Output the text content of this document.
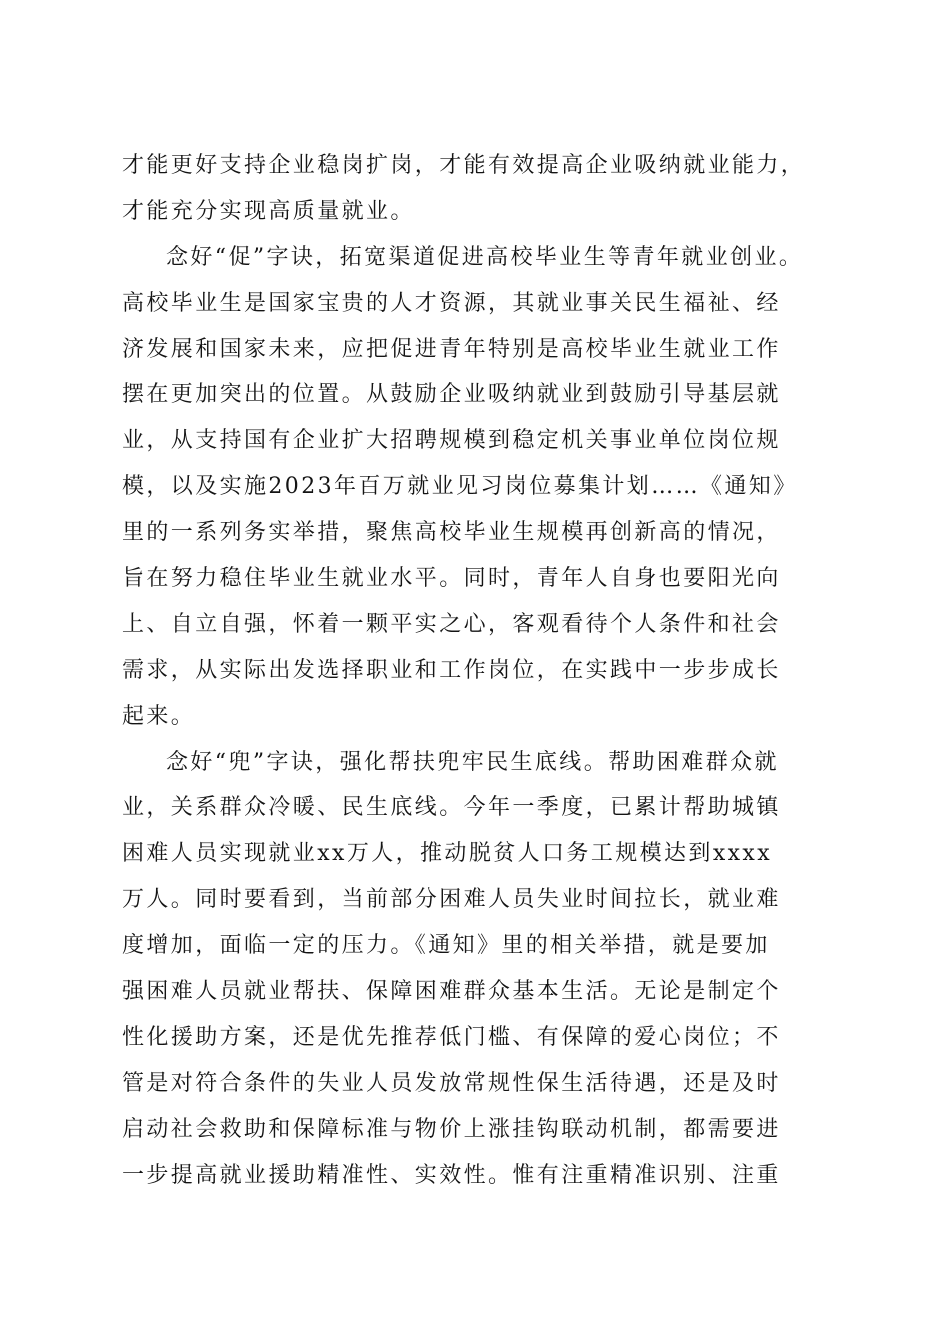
才能更好支持企业稳岗扩岗，才能有效提高企业吸纳就业能力，
才能充分实现高质量就业。
念好“促”字诀，拓宽渠道促进高校毕业生等青年就业创业。
高校毕业生是国家宝贵的人才资源，其就业事关民生福祉、经
济发展和国家未来，应把促进青年特别是高校毕业生就业工作
摆在更加突出的位置。从鼓励企业吸纳就业到鼓励引导基层就
业，从支持国有企业扩大招聘规模到稳定机关事业单位岗位规
模，以及实施2023年百万就业见习岗位募集计划……《通知》
里的一系列务实举措，聚焦高校毕业生规模再创新高的情况，
旨在努力稳住毕业生就业水平。同时，青年人自身也要阳光向
上、自立自强，怀着一颗平实之心，客观看待个人条件和社会
需求，从实际出发选择职业和工作岗位，在实践中一步步成长
起来。
念好“兜”字诀，强化帮扶兜牢民生底线。帮助困难群众就
业，关系群众冷暖、民生底线。今年一季度，已累计帮助城镇
困难人员实现就业xx万人，推动脱贫人口务工规模达到xxxx
万人。同时要看到，当前部分困难人员失业时间拉长，就业难
度增加，面临一定的压力。《通知》里的相关举措，就是要加
强困难人员就业帮扶、保障困难群众基本生活。无论是制定个
性化援助方案，还是优先推荐低门槛、有保障的爱心岗位；不
管是对符合条件的失业人员发放常规性保生活待遇，还是及时
启动社会救助和保障标准与物价上涨挂钩联动机制，都需要进
一步提高就业援助精准性、实效性。惟有注重精准识别、注重
